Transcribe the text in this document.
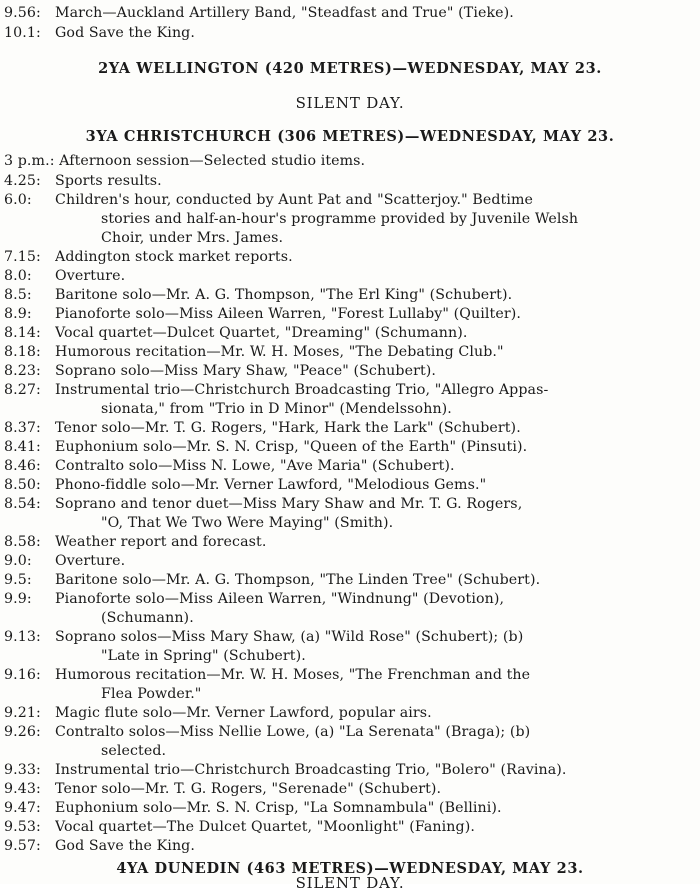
9.56: March—Auckland Artillery Band, "Steadfast and True" (Tieke).
10.1: God Save the King.
2YA WELLINGTON (420 METRES)—WEDNESDAY, MAY 23.
SILENT DAY.
3YA CHRISTCHURCH (306 METRES)—WEDNESDAY, MAY 23.
3 p.m.: Afternoon session—Selected studio items.
4.25: Sports results.
6.0:	Children's hour, conducted by Aunt Pat and "Scatterjoy." Bedtime
stories and half-an-hour's programme provided by Juvenile Welsh
Choir, under Mrs. James.
7.15: Addington stock market reports.
8.0:	Overture.
8.5:	Baritone solo—Mr. A. G. Thompson, "The Erl King" (Schubert).
8.9:	Pianoforte solo—Miss Aileen Warren, "Forest Lullaby" (Quilter).
8.14: Vocal quartet—Dulcet Quartet, "Dreaming" (Schumann).
8.18: Humorous recitation—Mr. W. H. Moses, "The Debating Club."
8.23: Soprano solo—Miss Mary Shaw, "Peace" (Schubert).
8.27: Instrumental trio—Christchurch Broadcasting Trio, "Allegro Appas-
sionata," from "Trio in D Minor" (Mendelssohn).
8.37: Tenor solo—Mr. T. G. Rogers, "Hark, Hark the Lark" (Schubert).
8.41: Euphonium solo—Mr. S. N. Crisp, "Queen of the Earth" (Pinsuti).
8.46: Contralto solo—Miss N. Lowe, "Ave Maria" (Schubert).
8.50: Phono-fiddle solo—Mr. Verner Lawford, "Melodious Gems."
8.54: Soprano and tenor duet—Miss Mary Shaw and Mr. T. G. Rogers,
"O, That We Two Were Maying" (Smith).
8.58: Weather report and forecast.
9.0:	Overture.
9.5:	Baritone solo—Mr. A. G. Thompson, "The Linden Tree" (Schubert).
9.9:	Pianoforte solo—Miss Aileen Warren, "Windnung" (Devotion),
(Schumann).
9.13: Soprano solos—Miss Mary Shaw, (a) "Wild Rose" (Schubert); (b)
"Late in Spring" (Schubert).
9.16: Humorous recitation—Mr. W. H. Moses, "The Frenchman and the
Flea Powder."
9.21: Magic flute solo—Mr. Verner Lawford, popular airs.
9.26: Contralto solos—Miss Nellie Lowe, (a) "La Serenata" (Braga); (b)
selected.
9.33: Instrumental trio—Christchurch Broadcasting Trio, "Bolero" (Ravina).
9.43: Tenor solo—Mr. T. G. Rogers, "Serenade" (Schubert).
9.47: Euphonium solo—Mr. S. N. Crisp, "La Somnambula" (Bellini).
9.53: Vocal quartet—The Dulcet Quartet, "Moonlight" (Faning).
9.57: God Save the King.
4YA DUNEDIN (463 METRES)—WEDNESDAY, MAY 23.
SILENT DAY.
